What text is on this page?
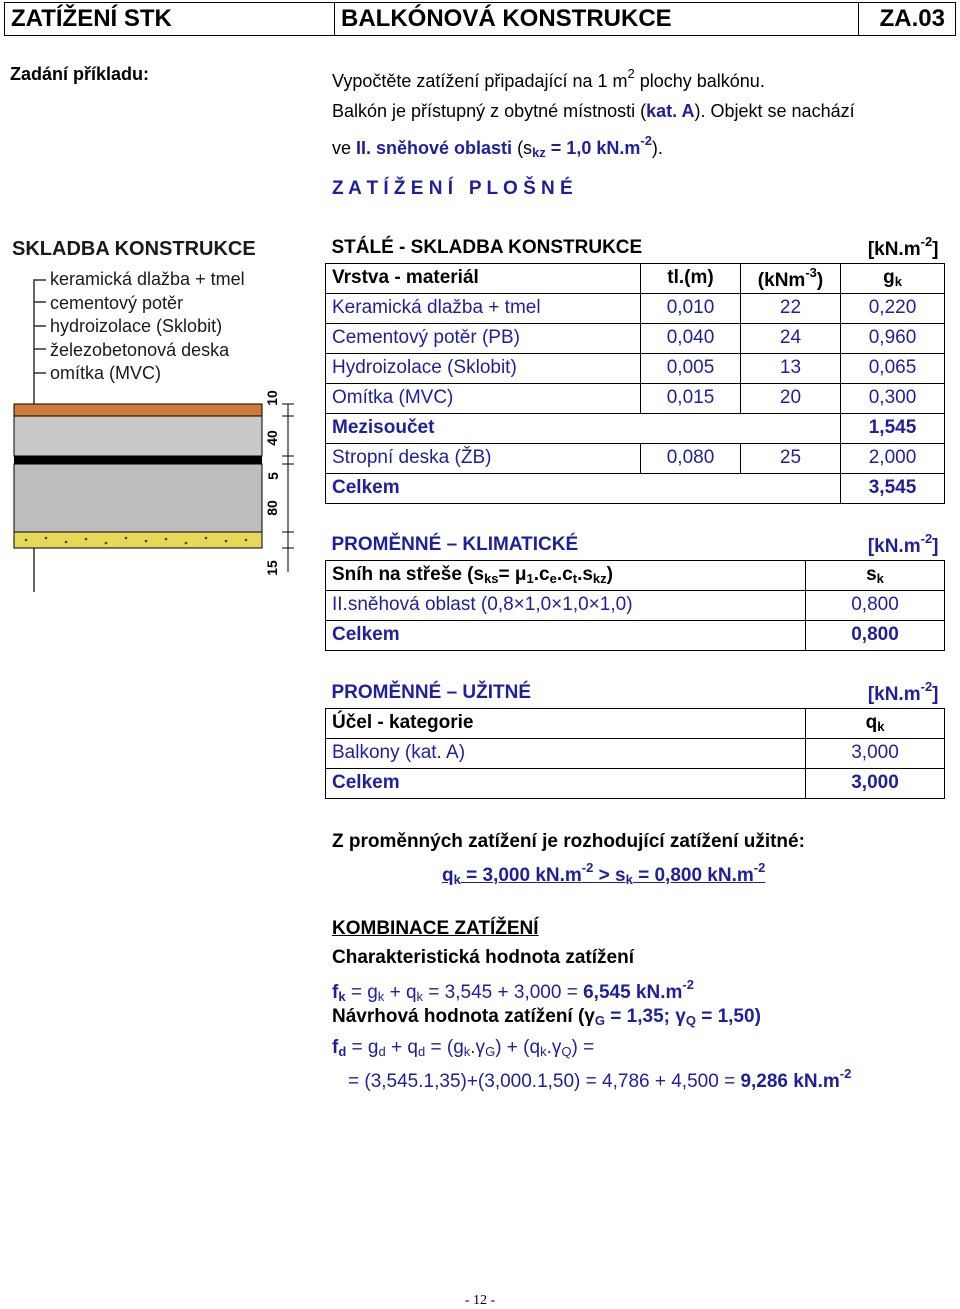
ZATÍŽENÍ STK	BALKÓNOVÁ KONSTRUKCE	ZA.03
Zadání příkladu:	Vypočtěte zatížení připadající na 1 $m^2$ plochy balkónu.
Balkón je přístupný z obytné místnosti (kat. A). Objekt se nachází
ve II. sněhové oblasti ($s_{kz} = 1,0$ $kN.m^{-2}$).
Z A T Í Ž E N Í   P L O Š N É
SKLADBA KONSTRUKCE
keramická dlažba + tmel
cementový potěr
hydroizolace (Sklobit)
železobetonová deska
omítka (MVC)
10
40
5
80
15
STÁLÉ - SKLADBA KONSTRUKCE			$[kN.m^{-2}]$
Vrstva - materiál	tl.(m)	(kNm$^{-3}$)	$g_k$
Keramická dlažba + tmel	0,010	22	0,220
Cementový potěr (PB)	0,040	24	0,960
Hydroizolace (Sklobit)	0,005	13	0,065
Omítka (MVC)	0,015	20	0,300
Mezisoučet			1,545
Stropní deska (ŽB)	0,080	25	2,000
Celkem			3,545
PROMĚNNÉ – KLIMATICKÉ	$[kN.m^{-2}]$
Sníh na střeše $(s_{ks}= \mu_1.c_e.c_t.s_{kz})$	$s_k$
II.sněhová oblast (0,8×1,0×1,0×1,0)	0,800
Celkem	0,800
PROMĚNNÉ – UŽITNÉ	$[kN.m^{-2}]$
Účel - kategorie	$q_k$
Balkony (kat. A)	3,000
Celkem	3,000
Z proměnných zatížení je rozhodující zatížení užitné:
$q_k = 3,000$ $kN.m^{-2} > s_k = 0,800$ $kN.m^{-2}$
KOMBINACE ZATÍŽENÍ
Charakteristická hodnota zatížení
$f_k = g_k + q_k = 3,545 + 3,000 = 6,545$ $kN.m^{-2}$
Návrhová hodnota zatížení ($\gamma_G = 1,35$; $\gamma_Q = 1,50$)
$f_d = g_d + q_d = (g_k.\gamma_G) + (q_k.\gamma_Q)$ =
= (3,545.1,35)+(3,000.1,50) = 4,786 + 4,500 = 9,286 $kN.m^{-2}$
- 12 -
